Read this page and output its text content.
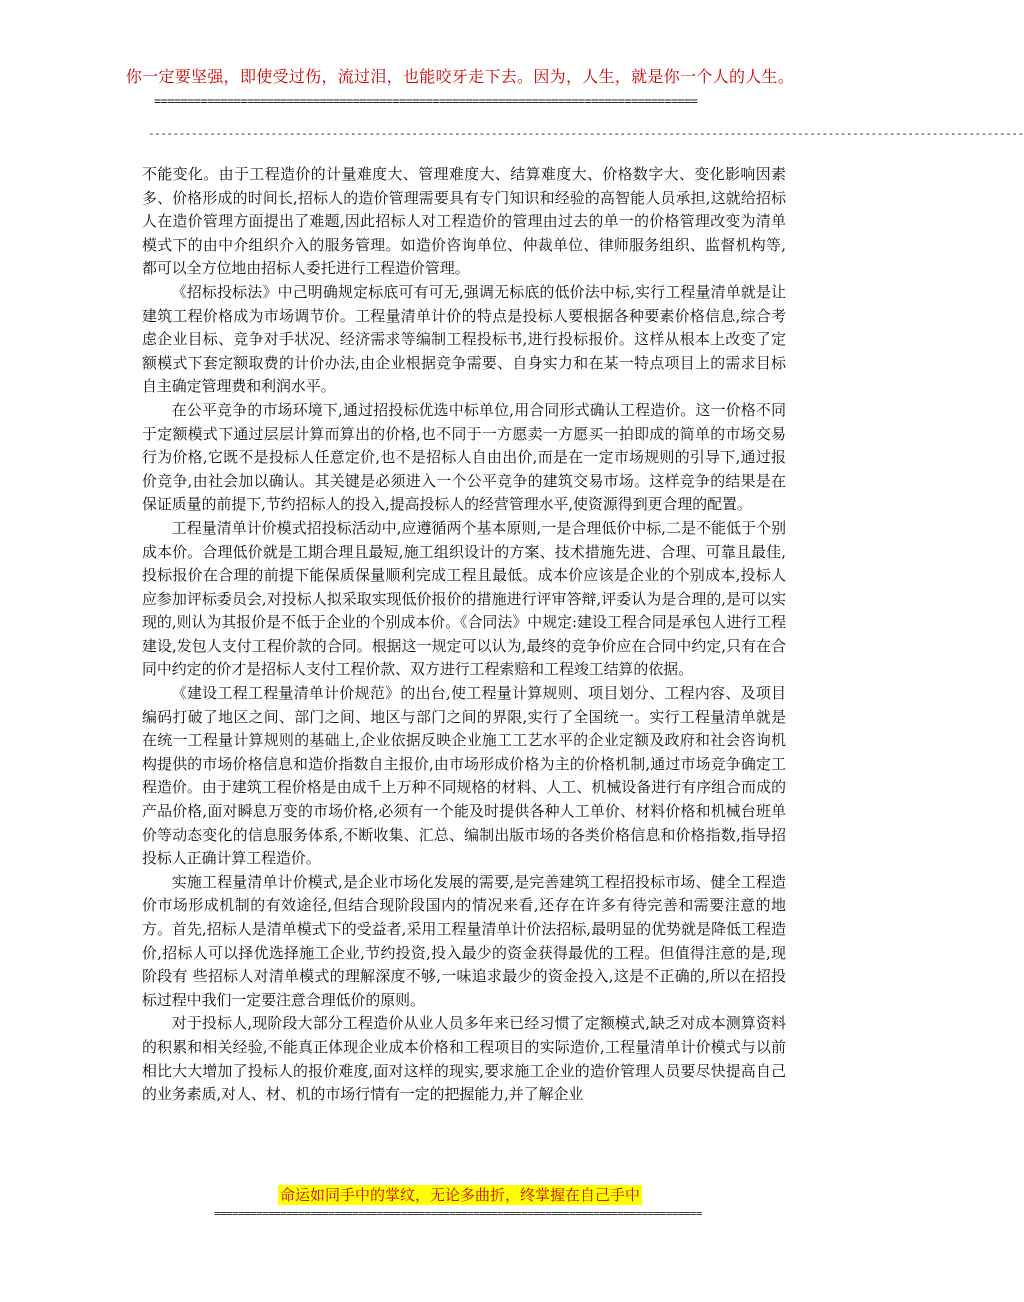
你一定要坚强，即使受过伤，流过泪，也能咬牙走下去。因为，人生，就是你一个人的人生。
==================================================================================
-----------------------------------------------------------------------------------------------------------------------------------------------

不能变化。由于工程造价的计量难度大、管理难度大、结算难度大、价格数字大、变化影响因素多、价格形成的时间长,招标人的造价管理需要具有专门知识和经验的高智能人员承担,这就给招标人在造价管理方面提出了难题,因此招标人对工程造价的管理由过去的单一的价格管理改变为清单模式下的由中介组织介入的服务管理。如造价咨询单位、仲裁单位、律师服务组织、监督机构等,都可以全方位地由招标人委托进行工程造价管理。

《招标投标法》中己明确规定标底可有可无,强调无标底的低价法中标,实行工程量清单就是让建筑工程价格成为市场调节价。工程量清单计价的特点是投标人要根据各种要素价格信息,综合考虑企业目标、竞争对手状况、经济需求等编制工程投标书,进行投标报价。这样从根本上改变了定额模式下套定额取费的计价办法,由企业根据竞争需要、自身实力和在某一特点项目上的需求目标自主确定管理费和利润水平。

在公平竞争的市场环境下,通过招投标优选中标单位,用合同形式确认工程造价。这一价格不同于定额模式下通过层层计算而算出的价格,也不同于一方愿卖一方愿买一拍即成的简单的市场交易行为价格,它既不是投标人任意定价,也不是招标人自由出价,而是在一定市场规则的引导下,通过报价竞争,由社会加以确认。其关键是必须进入一个公平竞争的建筑交易市场。这样竞争的结果是在保证质量的前提下,节约招标人的投入,提高投标人的经营管理水平,使资源得到更合理的配置。

工程量清单计价模式招投标活动中,应遵循两个基本原则,一是合理低价中标,二是不能低于个别成本价。合理低价就是工期合理且最短,施工组织设计的方案、技术措施先进、合理、可靠且最佳,投标报价在合理的前提下能保质保量顺利完成工程且最低。成本价应该是企业的个别成本,投标人应参加评标委员会,对投标人拟采取实现低价报价的措施进行评审答辩,评委认为是合理的,是可以实现的,则认为其报价是不低于企业的个别成本价。《合同法》中规定:建设工程合同是承包人进行工程建设,发包人支付工程价款的合同。根据这一规定可以认为,最终的竞争价应在合同中约定,只有在合同中约定的价才是招标人支付工程价款、双方进行工程索赔和工程竣工结算的依据。

《建设工程工程量清单计价规范》的出台,使工程量计算规则、项目划分、工程内容、及项目编码打破了地区之间、部门之间、地区与部门之间的界限,实行了全国统一。实行工程量清单就是在统一工程量计算规则的基础上,企业依据反映企业施工工艺水平的企业定额及政府和社会咨询机构提供的市场价格信息和造价指数自主报价,由市场形成价格为主的价格机制,通过市场竞争确定工程造价。由于建筑工程价格是由成千上万种不同规格的材料、人工、机械设备进行有序组合而成的产品价格,面对瞬息万变的市场价格,必须有一个能及时提供各种人工单价、材料价格和机械台班单价等动态变化的信息服务体系,不断收集、汇总、编制出版市场的各类价格信息和价格指数,指导招投标人正确计算工程造价。

实施工程量清单计价模式,是企业市场化发展的需要,是完善建筑工程招投标市场、健全工程造价市场形成机制的有效途径,但结合现阶段国内的情况来看,还存在许多有待完善和需要注意的地方。首先,招标人是清单模式下的受益者,采用工程量清单计价法招标,最明显的优势就是降低工程造价,招标人可以择优选择施工企业,节约投资,投入最少的资金获得最优的工程。但值得注意的是,现阶段有 些招标人对清单模式的理解深度不够,一味追求最少的资金投入,这是不正确的,所以在招投标过程中我们一定要注意合理低价的原则。

对于投标人,现阶段大部分工程造价从业人员多年来已经习惯了定额模式,缺乏对成本测算资料的积累和相关经验,不能真正体现企业成本价格和工程项目的实际造价,工程量清单计价模式与以前相比大大增加了投标人的报价难度,面对这样的现实,要求施工企业的造价管理人员要尽快提高自己的业务素质,对人、材、机的市场行情有一定的把握能力,并了解企业

命运如同手中的掌纹，无论多曲折，终掌握在自己手中
=================================================================================
